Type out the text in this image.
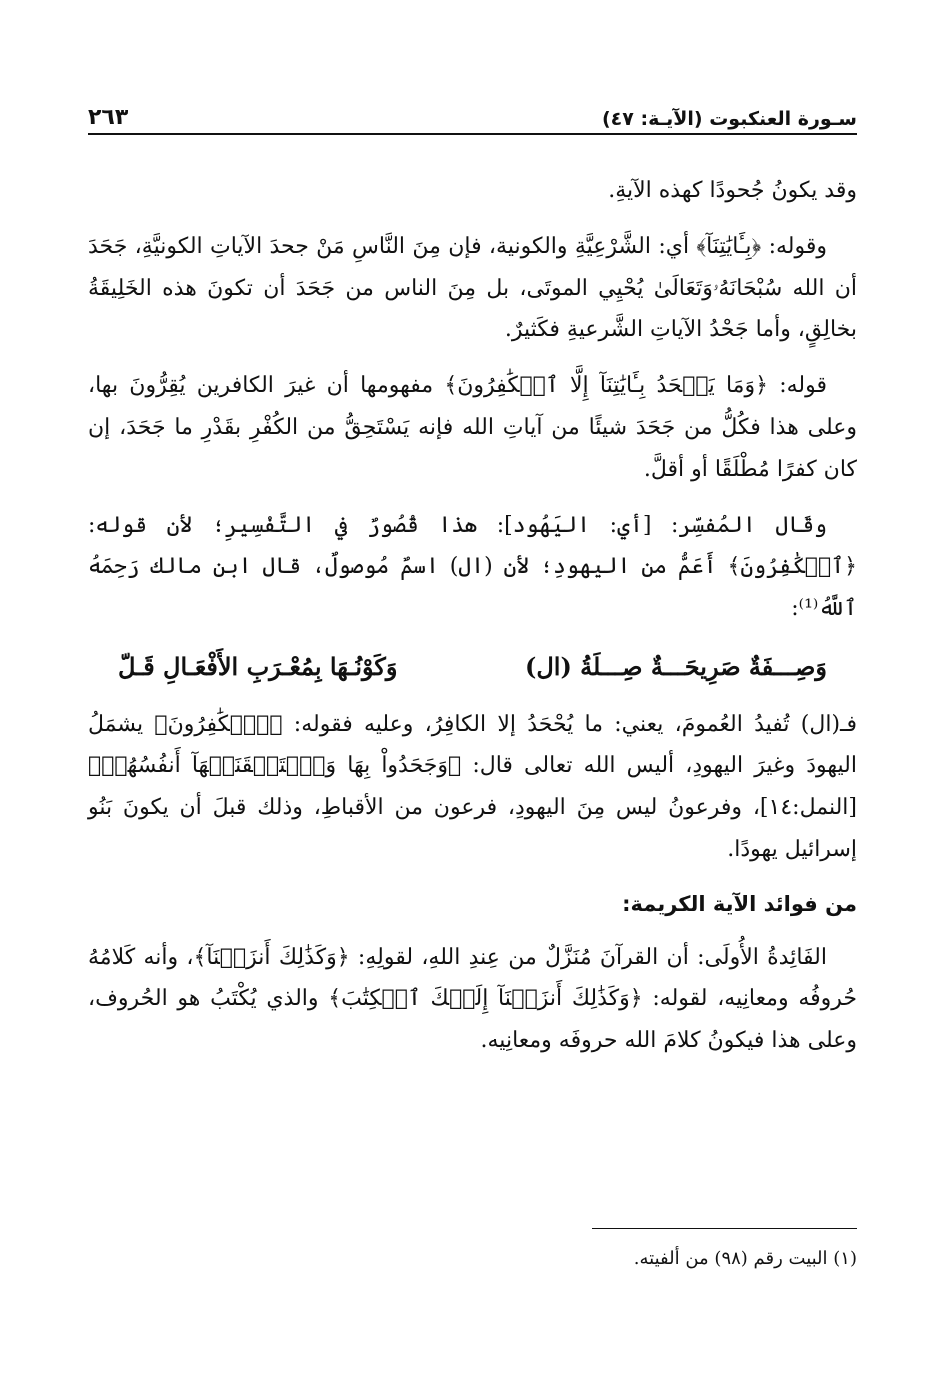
سـورة العنكبوت (الآيـة: ٤٧)
٢٦٣

وقد يكونُ جُحودًا كهذه الآيةِ.

وقوله: ﴿بِـَٔايَٰتِنَآ﴾ أي: الشَّرْعِيَّةِ والكونية، فإن مِنَ النَّاسِ مَنْ جحدَ الآياتِ الكونيَّةِ، جَحَدَ أن الله سُبْحَانَهُۥوَتَعَالَىٰ يُحْيِي الموتَى، بل مِنَ الناس من جَحَدَ أن تكونَ هذه الخَلِيقَةُ بخالِقٍ، وأما جَحْدُ الآياتِ الشَّرعيةِ فكَثيرٌ.

قوله: ﴿وَمَا يَجۡحَدُ بِـَٔايَٰتِنَآ إِلَّا ٱلۡكَٰفِرُونَ﴾ مفهومها أن غيرَ الكافرين يُقِرُّونَ بها، وعلى هذا فكُلُّ من جَحَدَ شيئًا من آياتِ الله فإنه يَسْتَحِقُّ من الكُفْرِ بقَدْرِ ما جَحَدَ، إن كان كفرًا مُطْلَقًا أو أقلَّ.

وقَال المُفسِّر: [أي: اليَهُود]: هذا قُصُورٌ في التَّفْسِيرِ؛ لأن قوله: ﴿ٱلۡكَٰفِرُونَ﴾ أَعَمُّ من اليهودِ؛ لأن (ال) اسمٌ مُوصولٌ، قال ابن مالك رَحِمَهُ ٱللَّهُ⁽¹⁾:

وَصِـــفَةٌ صَرِيحَـــةٌ صِـــلَةُ (ال)
وَكَوْنُـهَا بِمُعْـرَبِ الأَفْعَـالِ قَـلّ

فـ(ال) تُفيدُ العُمومَ، يعني: ما يُحْحَدُ إلا الكافِرُ، وعليه فقوله: ﴿ٱلۡكَٰفِرُونَ﴾ يشمَلُ اليهودَ وغيرَ اليهودِ، أليس الله تعالى قال: ﴿وَجَحَدُواْ بِهَا وَٱسۡتَيۡقَنَتۡهَآ أَنفُسُهُمۡ﴾ [النمل:١٤]، وفرعونُ ليس مِنَ اليهودِ، فرعون من الأقباطِ، وذلك قبلَ أن يكونَ بَنُو إسرائيل يهودًا.

من فوائد الآية الكريمة:

الفَائِدةُ الأُولَى: أن القرآنَ مُنَزَّلٌ من عِندِ اللهِ، لقولِهِ: ﴿وَكَذَٰلِكَ أَنزَلۡنَآ﴾، وأنه كَلامُهُ حُروفُه ومعانِيه، لقوله: ﴿وَكَذَٰلِكَ أَنزَلۡنَآ إِلَيۡكَ ٱلۡكِتَٰبَ﴾ والذي يُكْتَبُ هو الحُروف، وعلى هذا فيكونُ كلامَ الله حروفَه ومعانِيه.

(١) البيت رقم (٩٨) من ألفيته.
